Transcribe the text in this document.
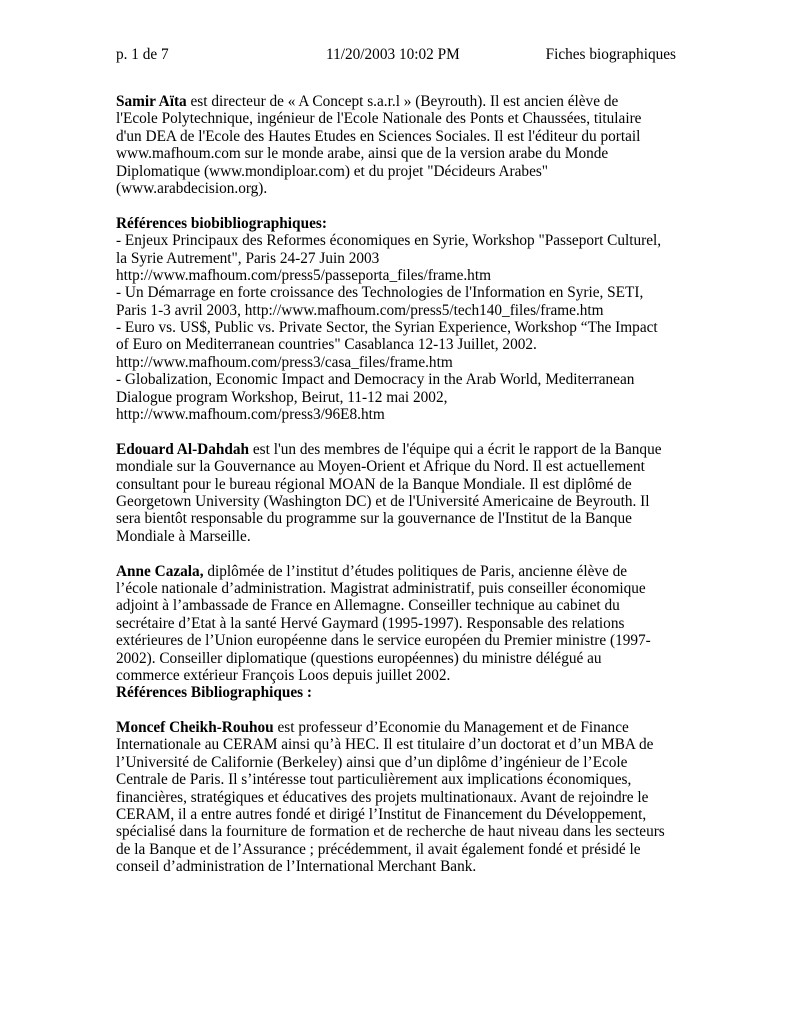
p. 1 de 7	11/20/2003 10:02 PM	Fiches biographiques
Samir Aïta est directeur de « A Concept s.a.r.l » (Beyrouth). Il est ancien élève de
l'Ecole Polytechnique, ingénieur de l'Ecole Nationale des Ponts et Chaussées, titulaire
d'un DEA de l'Ecole des Hautes Etudes en Sciences Sociales. Il est l'éditeur du portail
www.mafhoum.com sur le monde arabe, ainsi que de la version arabe du Monde
Diplomatique (www.mondiploar.com) et du projet "Décideurs Arabes"
(www.arabdecision.org).
Références biobibliographiques:
- Enjeux Principaux des Reformes économiques en Syrie, Workshop "Passeport Culturel,
la Syrie Autrement", Paris 24-27 Juin 2003
http://www.mafhoum.com/press5/passeporta_files/frame.htm
- Un Démarrage en forte croissance des Technologies de l'Information en Syrie, SETI,
Paris 1-3 avril 2003, http://www.mafhoum.com/press5/tech140_files/frame.htm
- Euro vs. US$, Public vs. Private Sector, the Syrian Experience, Workshop “The Impact
of Euro on Mediterranean countries" Casablanca 12-13 Juillet, 2002.
http://www.mafhoum.com/press3/casa_files/frame.htm
- Globalization, Economic Impact and Democracy in the Arab World, Mediterranean
Dialogue program Workshop, Beirut, 11-12 mai 2002,
http://www.mafhoum.com/press3/96E8.htm
Edouard Al-Dahdah est l'un des membres de l'équipe qui a écrit le rapport de la Banque
mondiale sur la Gouvernance au Moyen-Orient et Afrique du Nord. Il est actuellement
consultant pour le bureau régional MOAN de la Banque Mondiale. Il est diplômé de
Georgetown University (Washington DC) et de l'Université Americaine de Beyrouth. Il
sera bientôt responsable du programme sur la gouvernance de l'Institut de la Banque
Mondiale à Marseille.
Anne Cazala, diplômée de l’institut d’études politiques de Paris, ancienne élève de
l’école nationale d’administration. Magistrat administratif, puis conseiller économique
adjoint à l’ambassade de France en Allemagne. Conseiller technique au cabinet du
secrétaire d’Etat à la santé Hervé Gaymard (1995-1997). Responsable des relations
extérieures de l’Union européenne dans le service européen du Premier ministre (1997-
2002). Conseiller diplomatique (questions européennes) du ministre délégué au
commerce extérieur François Loos depuis juillet 2002.
Références Bibliographiques :
Moncef Cheikh-Rouhou est professeur d’Economie du Management et de Finance
Internationale au CERAM ainsi qu’à HEC. Il est titulaire d’un doctorat et d’un MBA de
l’Université de Californie (Berkeley) ainsi que d’un diplôme d’ingénieur de l’Ecole
Centrale de Paris. Il s’intéresse tout particulièrement aux implications économiques,
financières, stratégiques et éducatives des projets multinationaux. Avant de rejoindre le
CERAM, il a entre autres fondé et dirigé l’Institut de Financement du Développement,
spécialisé dans la fourniture de formation et de recherche de haut niveau dans les secteurs
de la Banque et de l’Assurance ; précédemment, il avait également fondé et présidé le
conseil d’administration de l’International Merchant Bank.
